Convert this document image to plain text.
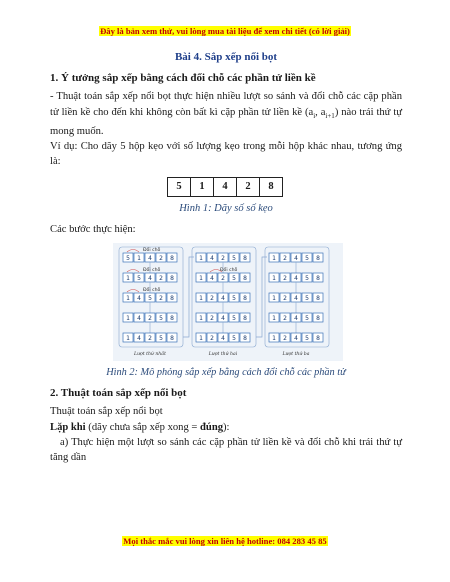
Đây là bản xem thử, vui lòng mua tài liệu để xem chi tiết (có lời giải)
Bài 4. Sắp xếp nổi bọt
1. Ý tưởng sắp xếp bằng cách đổi chỗ các phần tử liền kề

- Thuật toán sắp xếp nổi bọt thực hiện nhiều lượt so sánh và đổi chỗ các cặp phần tử liền kề cho đến khi không còn bất kì cặp phần tử liền kề ($a_i$, $a_{i+1}$) nào trái thứ tự mong muốn.

Ví dụ: Cho dãy 5 hộp kẹo với số lượng kẹo trong mỗi hộp khác nhau, tương ứng là:

5	1	4	2	8
Hình 1: Dãy số số kẹo

Các bước thực hiện:

5 1 4 2 8
1 5 4 2 8
1 4 5 2 8
1 4 2 5 8
1 4 2 5 8
Lượt thứ nhất
1 4 2 5 8
1 4 2 5 8
1 2 4 5 8
1 2 4 5 8
1 2 4 5 8
Lượt thứ hai
1 2 4 5 8
1 2 4 5 8
1 2 4 5 8
1 2 4 5 8
1 2 4 5 8
Lượt thứ ba
Đổi chỗ
Đổi chỗ
Đổi chỗ
Đổi chỗ
Hình 2: Mô phỏng sắp xếp bằng cách đổi chỗ các phần tử
2. Thuật toán sắp xếp nổi bọt

Thuật toán sắp xếp nổi bọt

Lặp khi (dãy chưa sắp xếp xong = đúng):

a) Thực hiện một lượt so sánh các cặp phần tử liền kề và đổi chỗ khi trái thứ tự tăng dần

Mọi thắc mắc vui lòng xin liên hệ hotline: 084 283 45 85
